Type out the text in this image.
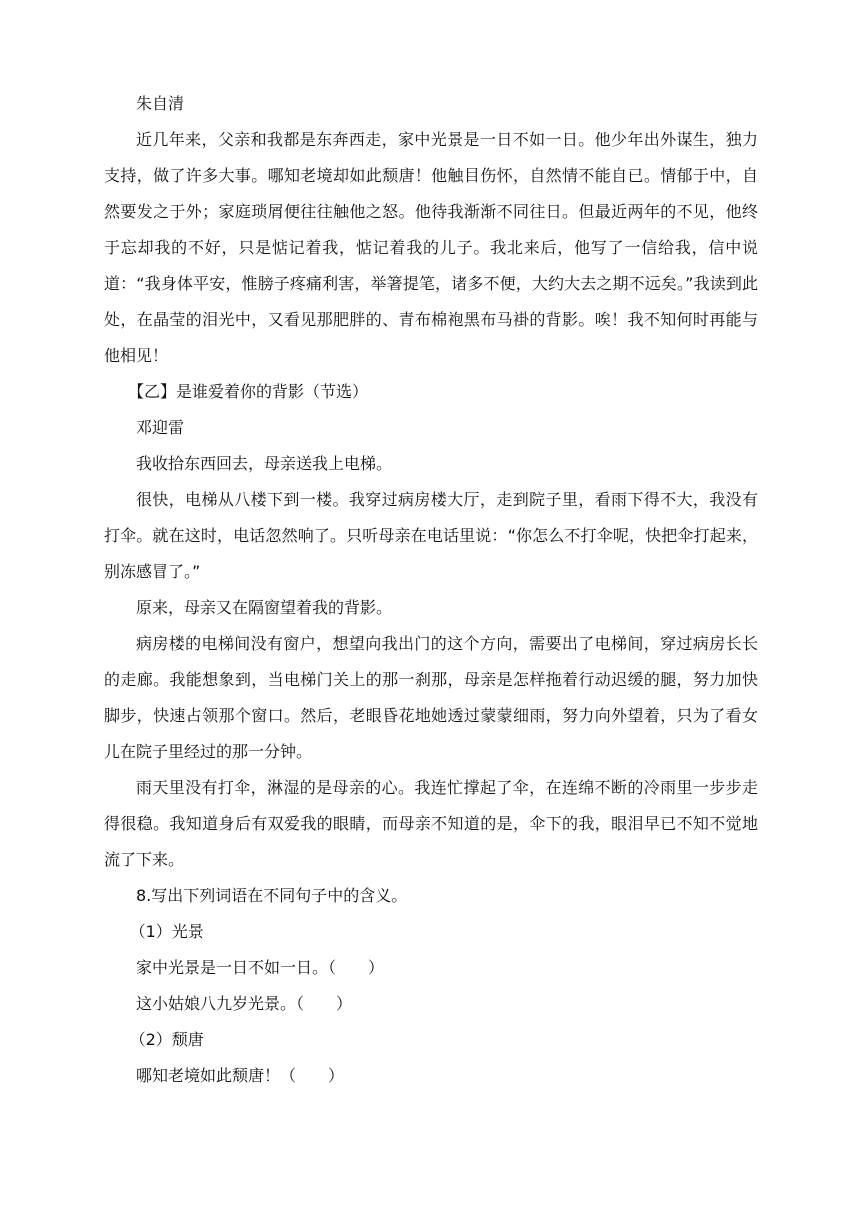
朱自清

近几年来，父亲和我都是东奔西走，家中光景是一日不如一日。他少年出外谋生，独力支持，做了许多大事。哪知老境却如此颓唐！他触目伤怀，自然情不能自已。情郁于中，自然要发之于外；家庭琐屑便往往触他之怒。他待我渐渐不同往日。但最近两年的不见，他终于忘却我的不好，只是惦记着我，惦记着我的儿子。我北来后，他写了一信给我，信中说道：“我身体平安，惟膀子疼痛利害，举箸提笔，诸多不便，大约大去之期不远矣。”我读到此处，在晶莹的泪光中，又看见那肥胖的、青布棉袍黑布马褂的背影。唉！我不知何时再能与他相见！

【乙】是谁爱着你的背影（节选）

邓迎雷

我收拾东西回去，母亲送我上电梯。

很快，电梯从八楼下到一楼。我穿过病房楼大厅，走到院子里，看雨下得不大，我没有打伞。就在这时，电话忽然响了。只听母亲在电话里说：“你怎么不打伞呢，快把伞打起来，别冻感冒了。”

原来，母亲又在隔窗望着我的背影。

病房楼的电梯间没有窗户，想望向我出门的这个方向，需要出了电梯间，穿过病房长长的走廊。我能想象到，当电梯门关上的那一刹那，母亲是怎样拖着行动迟缓的腿，努力加快脚步，快速占领那个窗口。然后，老眼昏花地她透过蒙蒙细雨，努力向外望着，只为了看女儿在院子里经过的那一分钟。

雨天里没有打伞，淋湿的是母亲的心。我连忙撑起了伞，在连绵不断的冷雨里一步步走得很稳。我知道身后有双爱我的眼睛，而母亲不知道的是，伞下的我，眼泪早已不知不觉地流了下来。

8.写出下列词语在不同句子中的含义。

（1）光景

家中光景是一日不如一日。（　　）

这小姑娘八九岁光景。（　　）

（2）颓唐

哪知老境如此颓唐！（　　）
